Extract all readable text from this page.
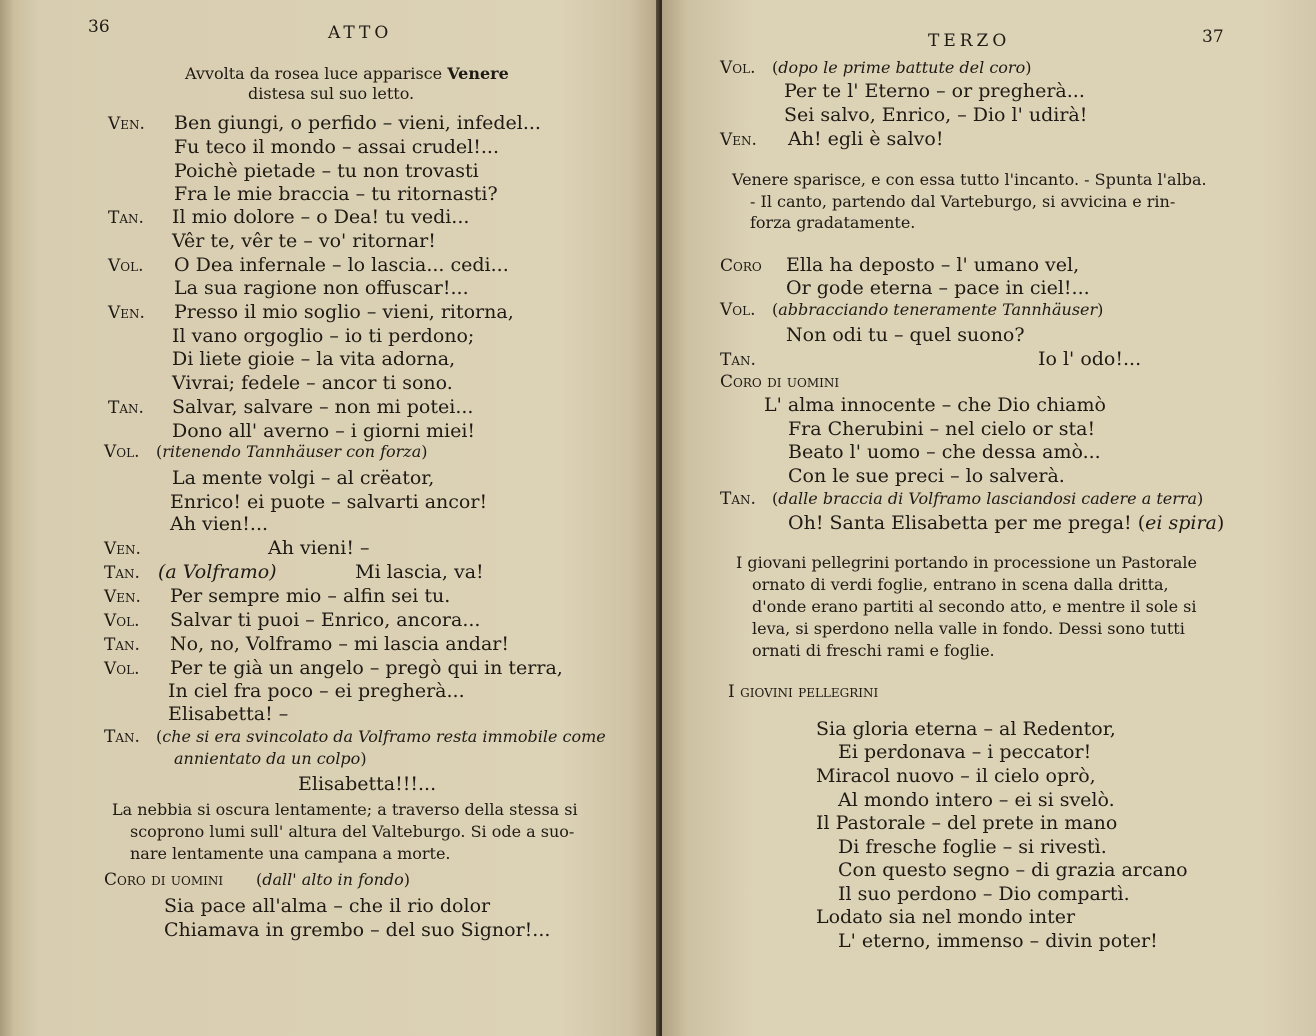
36	ATTO
Avvolta da rosea luce apparisce Venere
distesa sul suo letto.
Ven. Ben giungi, o perfido – vieni, infedel...
Fu teco il mondo – assai crudel!...
Poichè pietade – tu non trovasti
Fra le mie braccia – tu ritornasti?
Tan. Il mio dolore – o Dea! tu vedi...
Vêr te, vêr te – vo' ritornar!
Vol. O Dea infernale – lo lascia... cedi...
La sua ragione non offuscar!...
Ven. Presso il mio soglio – vieni, ritorna,
Il vano orgoglio – io ti perdono;
Di liete gioie – la vita adorna,
Vivrai; fedele – ancor ti sono.
Tan. Salvar, salvare – non mi potei...
Dono all' averno – i giorni miei!
Vol. (ritenendo Tannhäuser con forza)
La mente volgi – al crëator,
Enrico! ei puote – salvarti ancor!
Ah vien!...
Ven.	Ah vieni! –
Tan. (a Volframo)             Mi lascia, va!
Ven. Per sempre mio – alfin sei tu.
Vol. Salvar ti puoi – Enrico, ancora...
Tan. No, no, Volframo – mi lascia andar!
Vol. Per te già un angelo – pregò qui in terra,
In ciel fra poco – ei pregherà...
Elisabetta! –
Tan. (che si era svincolato da Volframo resta immobile come
annientato da un colpo)
Elisabetta!!!...
La nebbia si oscura lentamente; a traverso della stessa si
scoprono lumi sull' altura del Valteburgo. Si ode a suo-
nare lentamente una campana a morte.
Coro di uomini (dall' alto in fondo)
Sia pace all'alma – che il rio dolor
Chiamava in grembo – del suo Signor!...
TERZO	37
Vol. (dopo le prime battute del coro)
Per te l' Eterno – or pregherà...
Sei salvo, Enrico, – Dio l' udirà!
Ven. Ah! egli è salvo!
Venere sparisce, e con essa tutto l'incanto. - Spunta l'alba.
- Il canto, partendo dal Varteburgo, si avvicina e rin-
forza gradatamente.
Coro Ella ha deposto – l' umano vel,
Or gode eterna – pace in ciel!...
Vol. (abbracciando teneramente Tannhäuser)
Non odi tu – quel suono?
Tan.	Io l' odo!...
Coro di uomini
L' alma innocente – che Dio chiamò
Fra Cherubini – nel cielo or sta!
Beato l' uomo – che dessa amò...
Con le sue preci – lo salverà.
Tan. (dalle braccia di Volframo lasciandosi cadere a terra)
Oh! Santa Elisabetta per me prega! (ei spira)
I giovani pellegrini portando in processione un Pastorale
ornato di verdi foglie, entrano in scena dalla dritta,
d'onde erano partiti al secondo atto, e mentre il sole si
leva, si sperdono nella valle in fondo. Dessi sono tutti
ornati di freschi rami e foglie.
I giovini pellegrini
Sia gloria eterna – al Redentor,
Ei perdonava – i peccator!
Miracol nuovo – il cielo oprò,
Al mondo intero – ei si svelò.
Il Pastorale – del prete in mano
Di fresche foglie – si rivestì.
Con questo segno – di grazia arcano
Il suo perdono – Dio compartì.
Lodato sia nel mondo inter
L' eterno, immenso – divin poter!
